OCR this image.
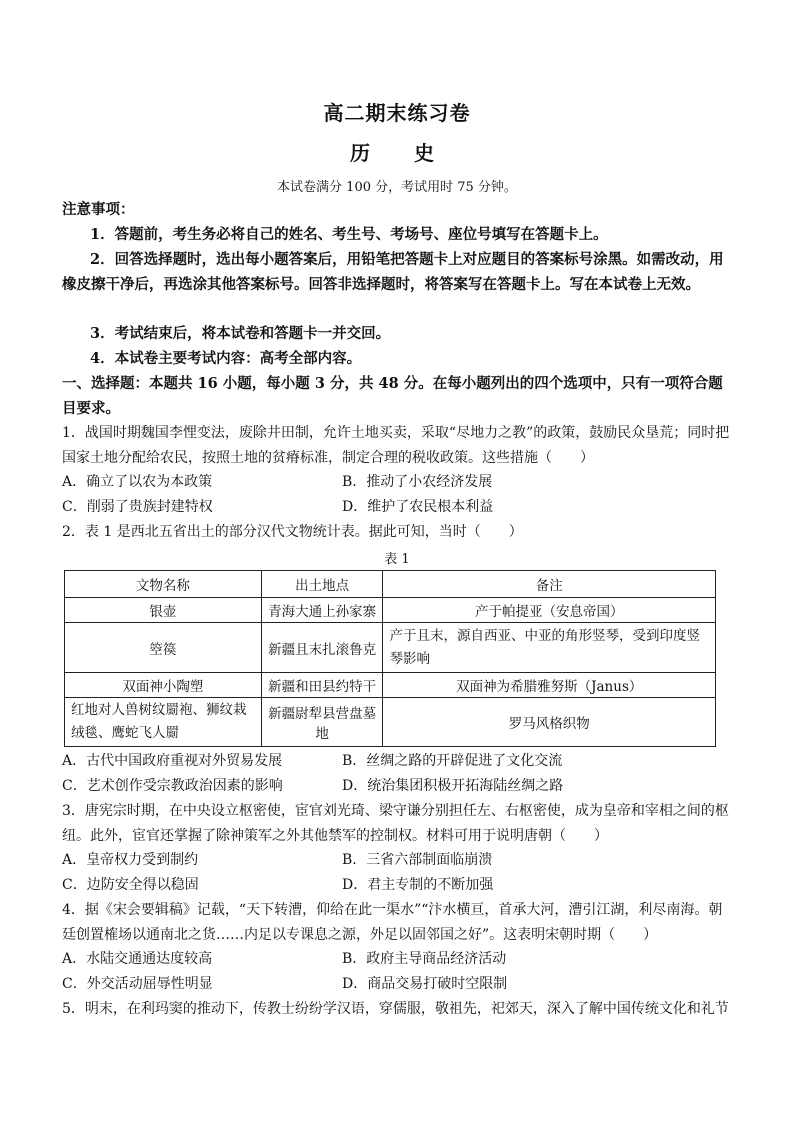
高二期末练习卷
历  史
本试卷满分 100 分，考试用时 75 分钟。
注意事项：
1．答题前，考生务必将自己的姓名、考生号、考场号、座位号填写在答题卡上。
2．回答选择题时，选出每小题答案后，用铅笔把答题卡上对应题目的答案标号涂黑。如需改动，用橡皮擦干净后，再选涂其他答案标号。回答非选择题时，将答案写在答题卡上。写在本试卷上无效。
3．考试结束后，将本试卷和答题卡一并交回。
4．本试卷主要考试内容：高考全部内容。
一、选择题：本题共 16 小题，每小题 3 分，共 48 分。在每小题列出的四个选项中，只有一项符合题目要求。
1．战国时期魏国李悝变法，废除井田制，允许土地买卖，采取“尽地力之教”的政策，鼓励民众垦荒；同时把国家土地分配给农民，按照土地的贫瘠标准，制定合理的税收政策。这些措施（　　）
A．确立了以农为本政策	B．推动了小农经济发展
C．削弱了贵族封建特权	D．维护了农民根本利益
2．表 1 是西北五省出土的部分汉代文物统计表。据此可知，当时（　　）
表 1
文物名称	出土地点	备注
银壶	青海大通上孙家寨	产于帕提亚（安息帝国）
箜篌	新疆且末扎滚鲁克	产于且末，源自西亚、中亚的角形竖琴，受到印度竖琴影响
双面神小陶塑	新疆和田县约特干	双面神为希腊雅努斯（Janus）
红地对人兽树纹罽袍、狮纹栽绒毯、鹰蛇飞人罽	新疆尉犁县营盘墓地	罗马风格织物
A．古代中国政府重视对外贸易发展	B．丝绸之路的开辟促进了文化交流
C．艺术创作受宗教政治因素的影响	D．统治集团积极开拓海陆丝绸之路
3．唐宪宗时期，在中央设立枢密使，宦官刘光琦、梁守谦分别担任左、右枢密使，成为皇帝和宰相之间的枢纽。此外，宦官还掌握了除神策军之外其他禁军的控制权。材料可用于说明唐朝（　　）
A．皇帝权力受到制约	B．三省六部制面临崩溃
C．边防安全得以稳固	D．君主专制的不断加强
4．据《宋会要辑稿》记载，“天下转漕，仰给在此一渠水”“汴水横亘，首承大河，漕引江湖，利尽南海。朝廷创置榷场以通南北之货……内足以专课息之源，外足以固邻国之好”。这表明宋朝时期（　　）
A．水陆交通通达度较高	B．政府主导商品经济活动
C．外交活动屈辱性明显	D．商品交易打破时空限制
5．明末，在利玛窦的推动下，传教士纷纷学汉语，穿儒服，敬祖先，祀郊天，深入了解中国传统文化和礼节
